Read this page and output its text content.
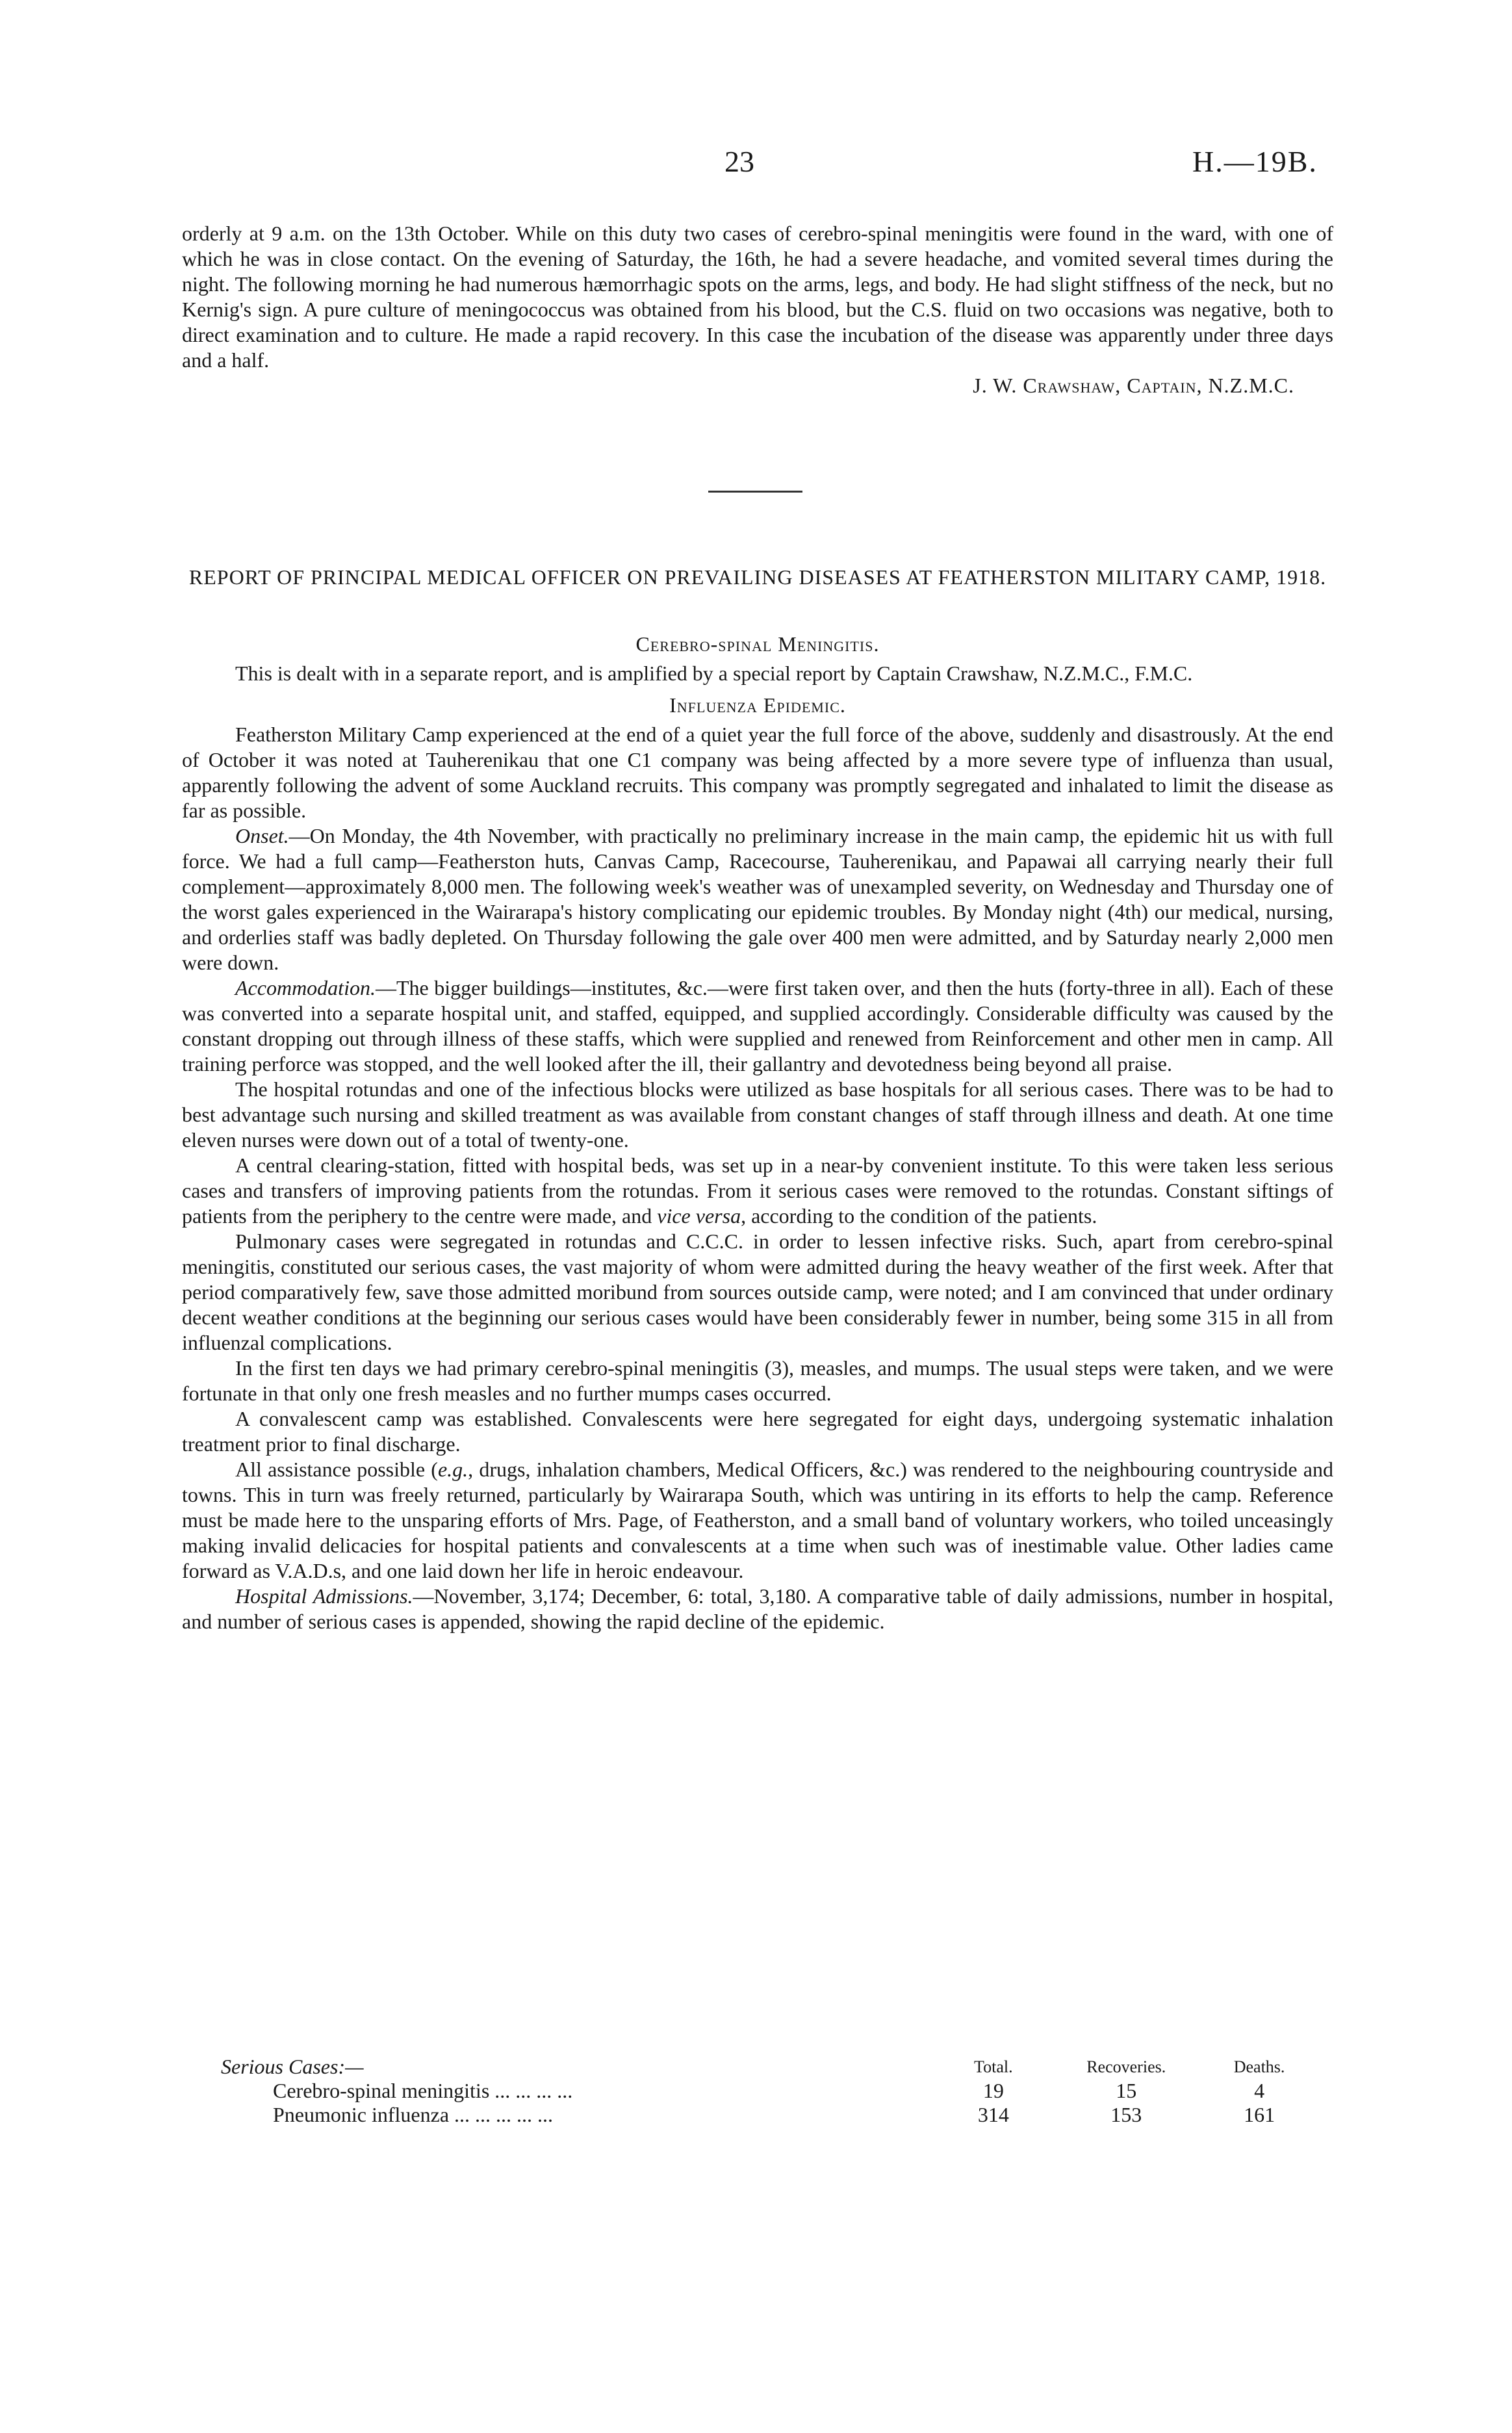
23	H.—19B.

orderly at 9 a.m. on the 13th October. While on this duty two cases of cerebro-spinal meningitis were found in the ward, with one of which he was in close contact. On the evening of Saturday, the 16th, he had a severe headache, and vomited several times during the night. The following morning he had numerous hæmorrhagic spots on the arms, legs, and body. He had slight stiffness of the neck, but no Kernig's sign. A pure culture of meningococcus was obtained from his blood, but the C.S. fluid on two occasions was negative, both to direct examination and to culture. He made a rapid recovery. In this case the incubation of the disease was apparently under three days and a half.

J. W. Crawshaw, Captain, N.Z.M.C.

REPORT OF PRINCIPAL MEDICAL OFFICER ON PREVAILING DISEASES AT FEATHERSTON MILITARY CAMP, 1918.

Cerebro-spinal Meningitis.

This is dealt with in a separate report, and is amplified by a special report by Captain Crawshaw, N.Z.M.C., F.M.C.

Influenza Epidemic.

Featherston Military Camp experienced at the end of a quiet year the full force of the above, suddenly and disastrously. At the end of October it was noted at Tauherenikau that one C1 company was being affected by a more severe type of influenza than usual, apparently following the advent of some Auckland recruits. This company was promptly segregated and inhalated to limit the disease as far as possible.

Onset.—On Monday, the 4th November, with practically no preliminary increase in the main camp, the epidemic hit us with full force. We had a full camp—Featherston huts, Canvas Camp, Racecourse, Tauherenikau, and Papawai all carrying nearly their full complement—approximately 8,000 men. The following week's weather was of unexampled severity, on Wednesday and Thursday one of the worst gales experienced in the Wairarapa's history complicating our epidemic troubles. By Monday night (4th) our medical, nursing, and orderlies staff was badly depleted. On Thursday following the gale over 400 men were admitted, and by Saturday nearly 2,000 men were down.

Accommodation.—The bigger buildings—institutes, &c.—were first taken over, and then the huts (forty-three in all). Each of these was converted into a separate hospital unit, and staffed, equipped, and supplied accordingly. Considerable difficulty was caused by the constant dropping out through illness of these staffs, which were supplied and renewed from Reinforcement and other men in camp. All training perforce was stopped, and the well looked after the ill, their gallantry and devotedness being beyond all praise.

The hospital rotundas and one of the infectious blocks were utilized as base hospitals for all serious cases. There was to be had to best advantage such nursing and skilled treatment as was available from constant changes of staff through illness and death. At one time eleven nurses were down out of a total of twenty-one.

A central clearing-station, fitted with hospital beds, was set up in a near-by convenient institute. To this were taken less serious cases and transfers of improving patients from the rotundas. From it serious cases were removed to the rotundas. Constant siftings of patients from the periphery to the centre were made, and vice versa, according to the condition of the patients.

Pulmonary cases were segregated in rotundas and C.C.C. in order to lessen infective risks. Such, apart from cerebro-spinal meningitis, constituted our serious cases, the vast majority of whom were admitted during the heavy weather of the first week. After that period comparatively few, save those admitted moribund from sources outside camp, were noted; and I am convinced that under ordinary decent weather conditions at the beginning our serious cases would have been considerably fewer in number, being some 315 in all from influenzal complications.

In the first ten days we had primary cerebro-spinal meningitis (3), measles, and mumps. The usual steps were taken, and we were fortunate in that only one fresh measles and no further mumps cases occurred.

A convalescent camp was established. Convalescents were here segregated for eight days, undergoing systematic inhalation treatment prior to final discharge.

All assistance possible (e.g., drugs, inhalation chambers, Medical Officers, &c.) was rendered to the neighbouring countryside and towns. This in turn was freely returned, particularly by Wairarapa South, which was untiring in its efforts to help the camp. Reference must be made here to the unsparing efforts of Mrs. Page, of Featherston, and a small band of voluntary workers, who toiled unceasingly making invalid delicacies for hospital patients and convalescents at a time when such was of inestimable value. Other ladies came forward as V.A.D.s, and one laid down her life in heroic endeavour.

Hospital Admissions.—November, 3,174; December, 6: total, 3,180. A comparative table of daily admissions, number in hospital, and number of serious cases is appended, showing the rapid decline of the epidemic.

Serious Cases:—	Total.	Recoveries.	Deaths.
Cerebro-spinal meningitis ... ... ... ...	19	15	4
Pneumonic influenza ... ... ... ... ...	314	153	161
